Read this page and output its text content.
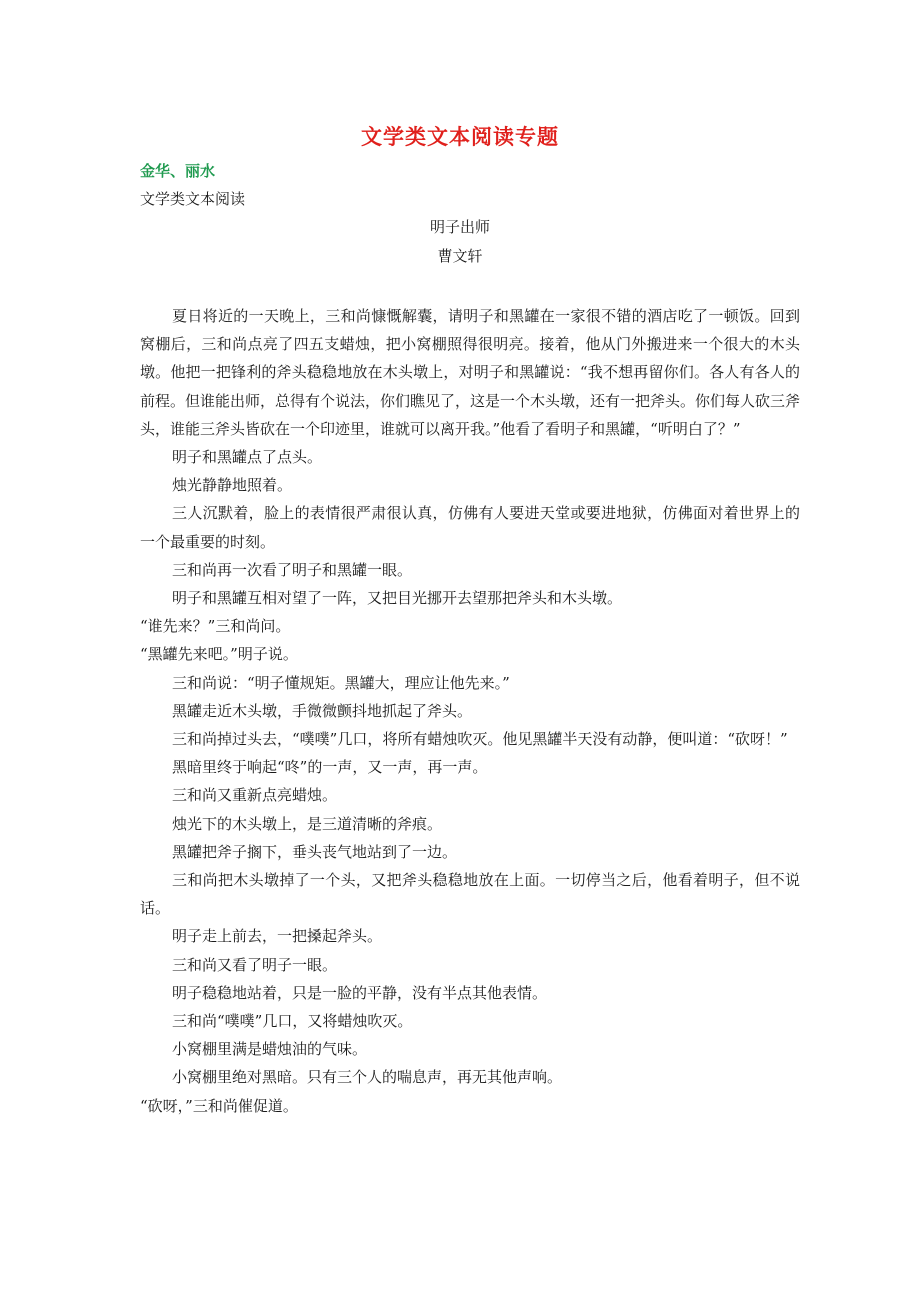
文学类文本阅读专题
金华、丽水
文学类文本阅读
明子出师
曹文轩

夏日将近的一天晚上，三和尚慷慨解囊，请明子和黑罐在一家很不错的酒店吃了一顿饭。回到窝棚后，三和尚点亮了四五支蜡烛，把小窝棚照得很明亮。接着，他从门外搬进来一个很大的木头墩。他把一把锋利的斧头稳稳地放在木头墩上，对明子和黑罐说：“我不想再留你们。各人有各人的前程。但谁能出师，总得有个说法，你们瞧见了，这是一个木头墩，还有一把斧头。你们每人砍三斧头，谁能三斧头皆砍在一个印迹里，谁就可以离开我。”他看了看明子和黑罐，“听明白了？”

明子和黑罐点了点头。

烛光静静地照着。

三人沉默着，脸上的表情很严肃很认真，仿佛有人要进天堂或要进地狱，仿佛面对着世界上的一个最重要的时刻。

三和尚再一次看了明子和黑罐一眼。

明子和黑罐互相对望了一阵，又把目光挪开去望那把斧头和木头墩。

“谁先来？”三和尚问。

“黑罐先来吧。”明子说。

三和尚说：“明子懂规矩。黑罐大，理应让他先来。”

黑罐走近木头墩，手微微颤抖地抓起了斧头。

三和尚掉过头去，“噗噗”几口，将所有蜡烛吹灭。他见黑罐半天没有动静，便叫道：“砍呀！”

黑暗里终于响起“咚”的一声，又一声，再一声。

三和尚又重新点亮蜡烛。

烛光下的木头墩上，是三道清晰的斧痕。

黑罐把斧子搁下，垂头丧气地站到了一边。

三和尚把木头墩掉了一个头，又把斧头稳稳地放在上面。一切停当之后，他看着明子，但不说话。

明子走上前去，一把搡起斧头。

三和尚又看了明子一眼。

明子稳稳地站着，只是一脸的平静，没有半点其他表情。

三和尚“噗噗”几口，又将蜡烛吹灭。

小窝棚里满是蜡烛油的气味。

小窝棚里绝对黑暗。只有三个人的喘息声，再无其他声响。

“砍呀，”三和尚催促道。
